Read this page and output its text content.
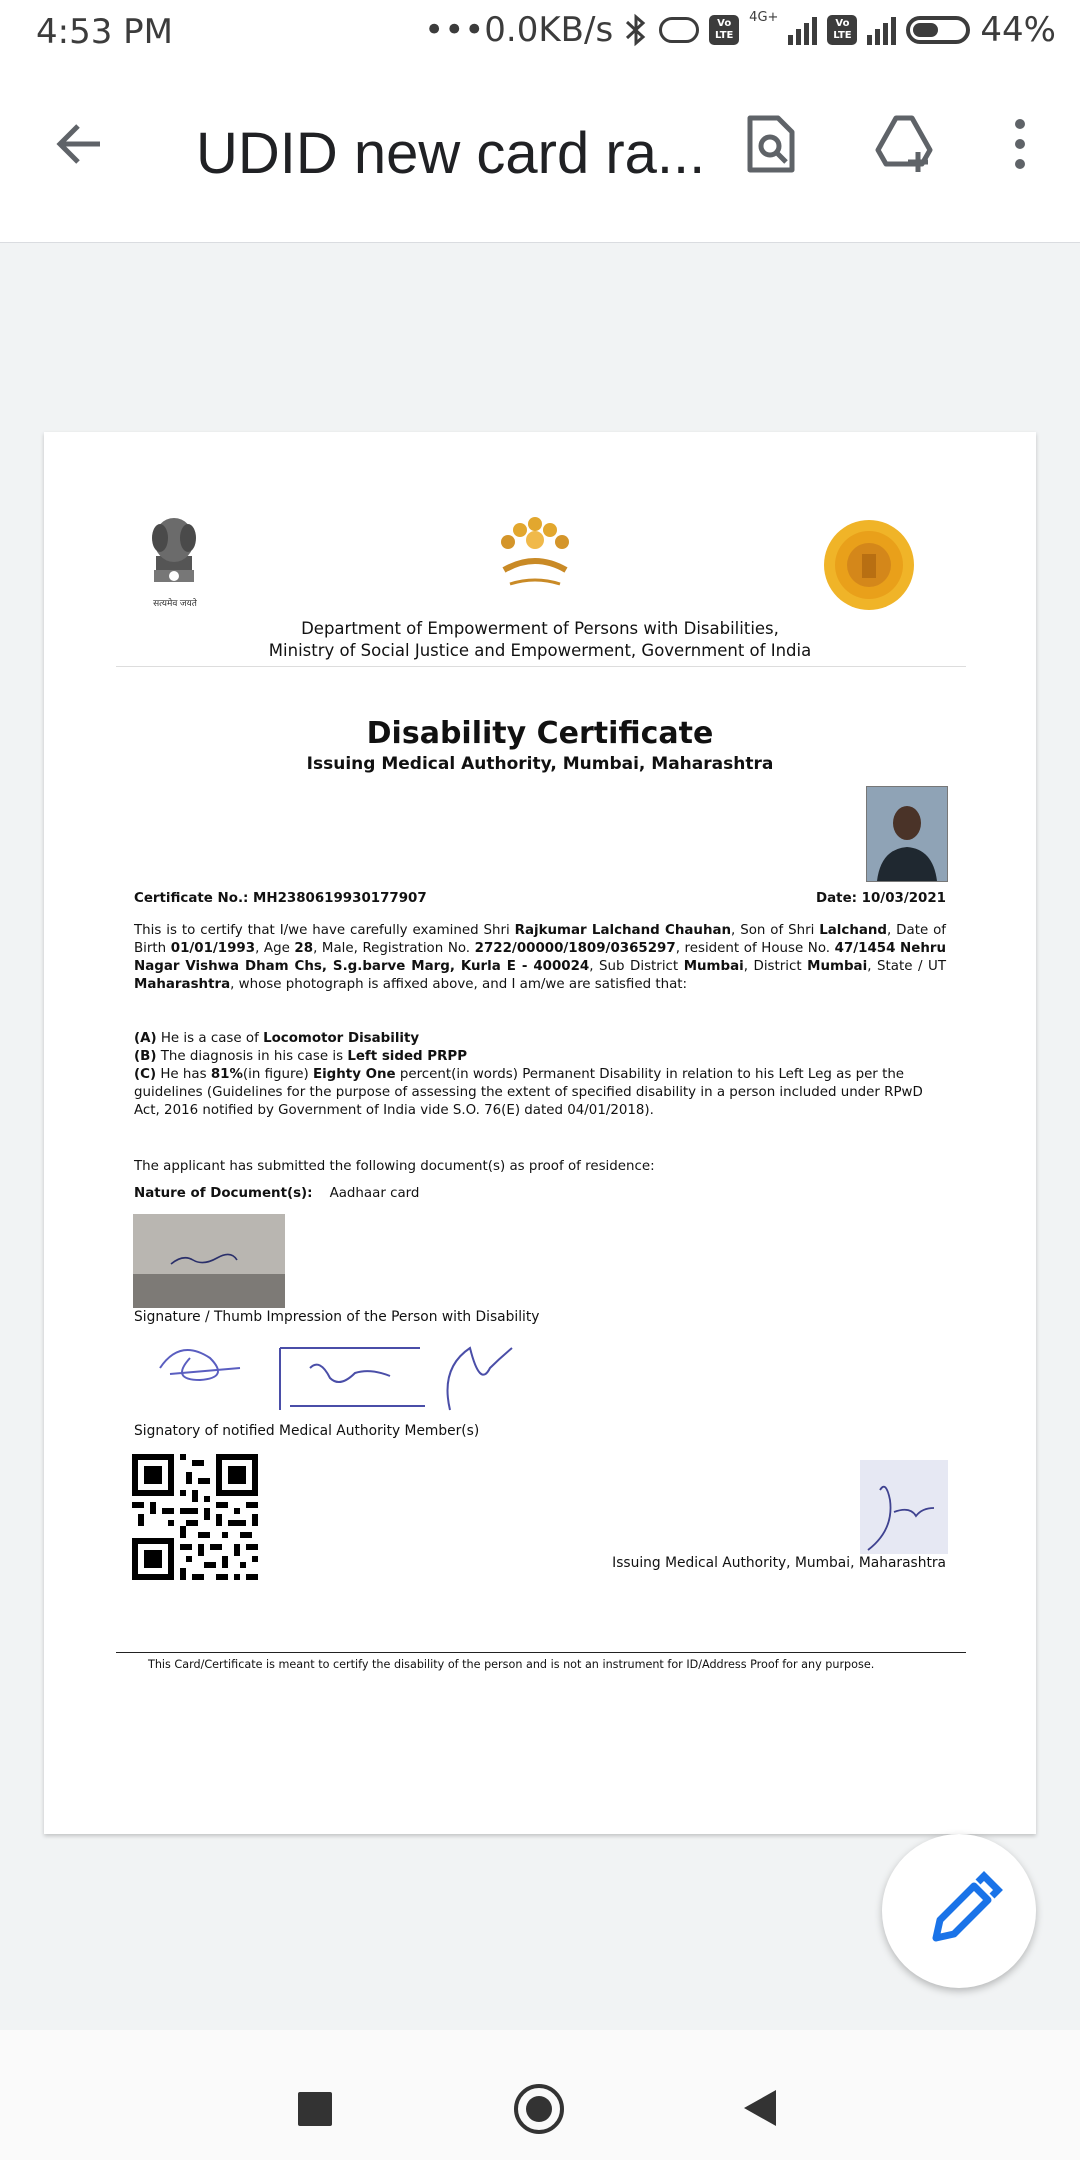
4:53 PM	•••0.0KB/s	Vo
LTE
4G+	Vo
LTE	44%
UDID new card ra...
सत्यमेव जयते
Department of Empowerment of Persons with Disabilities,
Ministry of Social Justice and Empowerment, Government of India
Disability Certificate
Issuing Medical Authority, Mumbai, Maharashtra
Certificate No.: MH2380619930177907	Date: 10/03/2021
This is to certify that I/we have carefully examined Shri Rajkumar Lalchand Chauhan, Son of Shri Lalchand, Date of Birth 01/01/1993, Age 28, Male, Registration No. 2722/00000/1809/0365297, resident of House No. 47/1454 Nehru Nagar Vishwa Dham Chs, S.g.barve Marg, Kurla E - 400024, Sub District Mumbai, District Mumbai, State / UT Maharashtra, whose photograph is affixed above, and I am/we are satisfied that:
(A) He is a case of Locomotor Disability
(B) The diagnosis in his case is Left sided PRPP
(C) He has 81%(in figure) Eighty One percent(in words) Permanent Disability in relation to his Left Leg as per the guidelines (Guidelines for the purpose of assessing the extent of specified disability in a person included under RPwD Act, 2016 notified by Government of India vide S.O. 76(E) dated 04/01/2018).
The applicant has submitted the following document(s) as proof of residence:
Nature of Document(s): Aadhaar card
Signature / Thumb Impression of the Person with Disability
Signatory of notified Medical Authority Member(s)
Issuing Medical Authority, Mumbai, Maharashtra
This Card/Certificate is meant to certify the disability of the person and is not an instrument for ID/Address Proof for any purpose.
